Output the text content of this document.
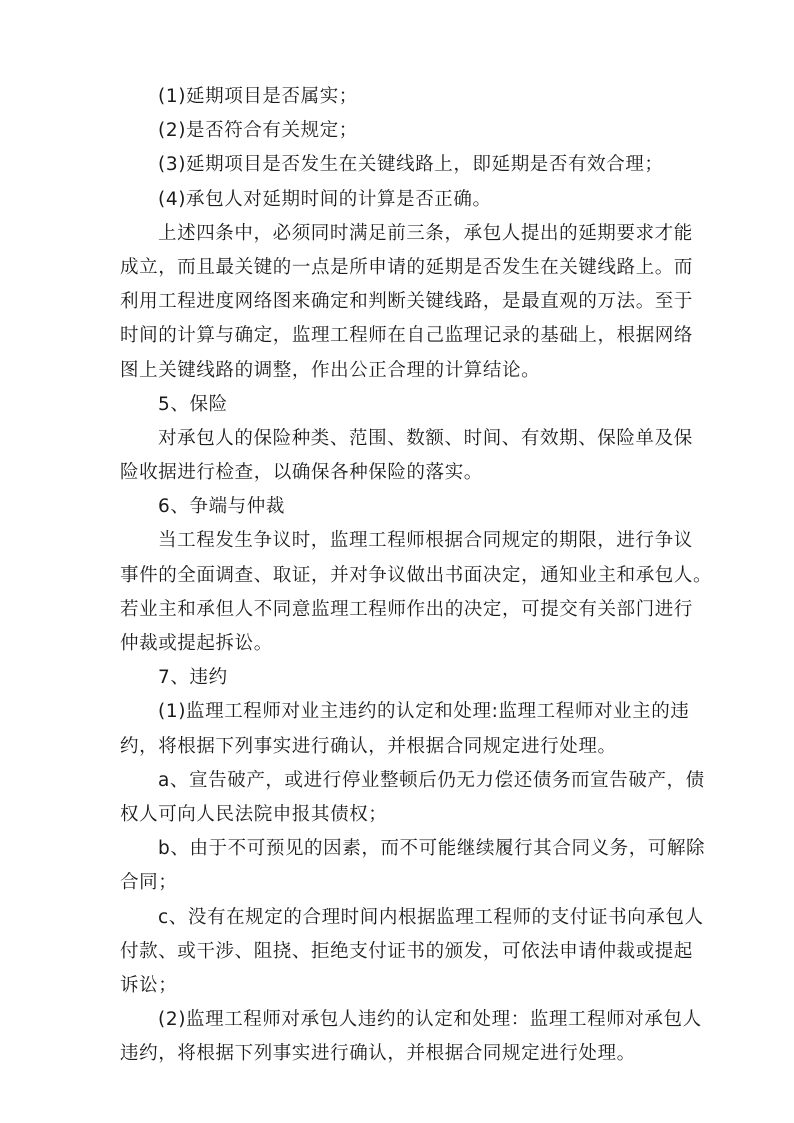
(1)延期项目是否属实；
(2)是否符合有关规定；
(3)延期项目是否发生在关键线路上，即延期是否有效合理；
(4)承包人对延期时间的计算是否正确。
上述四条中，必须同时满足前三条，承包人提出的延期要求才能
成立，而且最关键的一点是所申请的延期是否发生在关键线路上。而
利用工程进度网络图来确定和判断关键线路，是最直观的万法。至于
时间的计算与确定，监理工程师在自己监理记录的基础上，根据网络
图上关键线路的调整，作出公正合理的计算结论。
5、保险
对承包人的保险种类、范围、数额、时间、有效期、保险单及保
险收据进行检查，以确保各种保险的落实。
6、争端与仲裁
当工程发生争议时，监理工程师根据合同规定的期限，进行争议
事件的全面调查、取证，并对争议做出书面决定，通知业主和承包人。
若业主和承但人不同意监理工程师作出的决定，可提交有关部门进行
仲裁或提起拆讼。
7、违约
(1)监理工程师对业主违约的认定和处理:监理工程师对业主的违
约，将根据下列事实进行确认，并根据合同规定进行处理。
a、宣告破产，或进行停业整顿后仍无力偿还债务而宣告破产，债
权人可向人民法院申报其债权；
b、由于不可预见的因素，而不可能继续履行其合同义务，可解除
合同；
c、没有在规定的合理时间内根据监理工程师的支付证书向承包人
付款、或干涉、阻挠、拒绝支付证书的颁发，可依法申请仲裁或提起
诉讼；
(2)监理工程师对承包人违约的认定和处理：监理工程师对承包人
违约，将根据下列事实进行确认，并根据合同规定进行处理。
